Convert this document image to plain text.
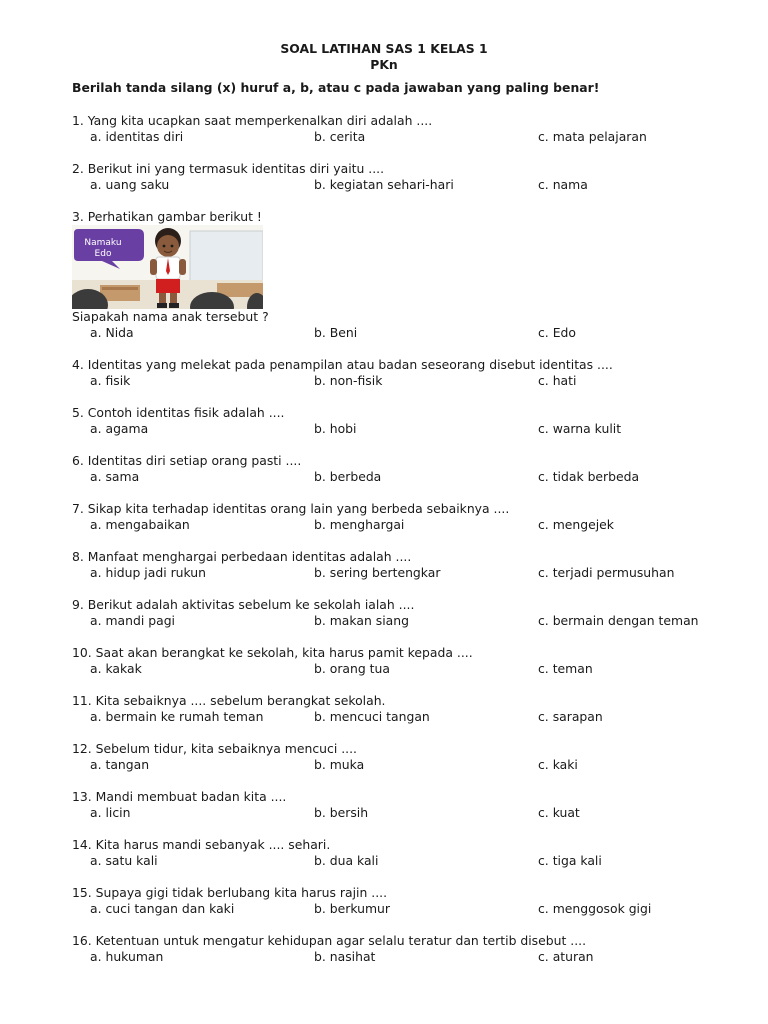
SOAL LATIHAN SAS 1 KELAS 1
PKn
Berilah tanda silang (x) huruf a, b, atau c pada jawaban yang paling benar!
1. Yang kita ucapkan saat memperkenalkan diri adalah ....
a. identitas diri	b. cerita	c. mata pelajaran
2. Berikut ini yang termasuk identitas diri yaitu ....
a. uang saku	b. kegiatan sehari-hari	c. nama
3. Perhatikan gambar berikut !
Namaku
Edo
Siapakah nama anak tersebut ?
a. Nida	b. Beni	c. Edo
4. Identitas yang melekat pada penampilan atau badan seseorang disebut identitas ....
a. fisik	b. non-fisik	c. hati
5. Contoh identitas fisik adalah ....
a. agama	b. hobi	c. warna kulit
6. Identitas diri setiap orang pasti ....
a. sama	b. berbeda	c. tidak berbeda
7. Sikap kita terhadap identitas orang lain yang berbeda sebaiknya ....
a. mengabaikan	b. menghargai	c. mengejek
8. Manfaat menghargai perbedaan identitas adalah ....
a. hidup jadi rukun	b. sering bertengkar	c. terjadi permusuhan
9. Berikut adalah aktivitas sebelum ke sekolah ialah ....
a. mandi pagi	b. makan siang	c. bermain dengan teman
10. Saat akan berangkat ke sekolah, kita harus pamit kepada ....
a. kakak	b. orang tua	c. teman
11. Kita sebaiknya .... sebelum berangkat sekolah.
a. bermain ke rumah teman	b. mencuci tangan	c. sarapan
12. Sebelum tidur, kita sebaiknya mencuci ....
a. tangan	b. muka	c. kaki
13. Mandi membuat badan kita ....
a. licin	b. bersih	c. kuat
14. Kita harus mandi sebanyak .... sehari.
a. satu kali	b. dua kali	c. tiga kali
15. Supaya gigi tidak berlubang kita harus rajin ....
a. cuci tangan dan kaki	b. berkumur	c. menggosok gigi
16. Ketentuan untuk mengatur kehidupan agar selalu teratur dan tertib disebut ....
a. hukuman	b. nasihat	c. aturan
